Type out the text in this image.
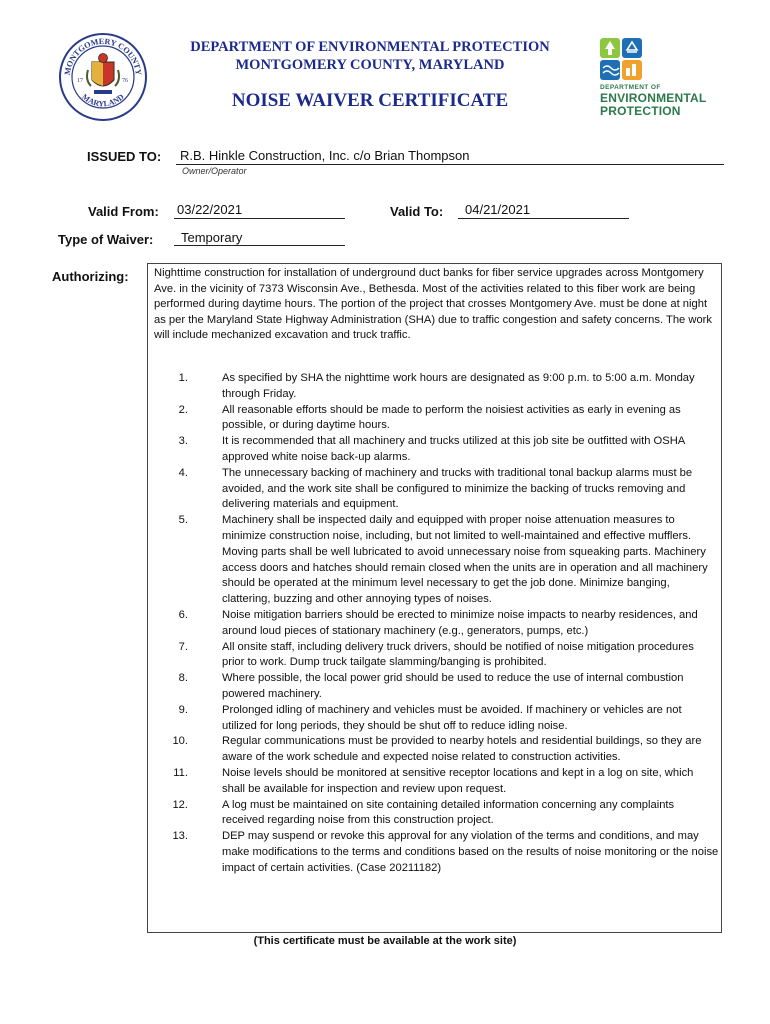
MONTGOMERY COUNTY
MARYLAND
17	76
DEPARTMENT OF ENVIRONMENTAL PROTECTION
MONTGOMERY COUNTY, MARYLAND
NOISE WAIVER CERTIFICATE
DEPARTMENT OF
ENVIRONMENTAL
PROTECTION
ISSUED TO: R.B. Hinkle Construction, Inc. c/o Brian Thompson
Owner/Operator
Valid From: 03/22/2021	Valid To: 04/21/2021
Type of Waiver: Temporary
Authorizing: Nighttime construction for installation of underground duct banks for fiber service upgrades across Montgomery Ave. in the vicinity of 7373 Wisconsin Ave., Bethesda. Most of the activities related to this fiber work are being performed during daytime hours. The portion of the project that crosses Montgomery Ave. must be done at night as per the Maryland State Highway Administration (SHA) due to traffic congestion and safety concerns. The work will include mechanized excavation and truck traffic.
1.	As specified by SHA the nighttime work hours are designated as 9:00 p.m. to 5:00 a.m. Monday through Friday.
2.	All reasonable efforts should be made to perform the noisiest activities as early in evening as possible, or during daytime hours.
3.	It is recommended that all machinery and trucks utilized at this job site be outfitted with OSHA approved white noise back-up alarms.
4.	The unnecessary backing of machinery and trucks with traditional tonal backup alarms must be avoided, and the work site shall be configured to minimize the backing of trucks removing and delivering materials and equipment.
5.	Machinery shall be inspected daily and equipped with proper noise attenuation measures to minimize construction noise, including, but not limited to well-maintained and effective mufflers. Moving parts shall be well lubricated to avoid unnecessary noise from squeaking parts. Machinery access doors and hatches should remain closed when the units are in operation and all machinery should be operated at the minimum level necessary to get the job done. Minimize banging, clattering, buzzing and other annoying types of noises.
6.	Noise mitigation barriers should be erected to minimize noise impacts to nearby residences, and around loud pieces of stationary machinery (e.g., generators, pumps, etc.)
7.	All onsite staff, including delivery truck drivers, should be notified of noise mitigation procedures prior to work. Dump truck tailgate slamming/banging is prohibited.
8.	Where possible, the local power grid should be used to reduce the use of internal combustion powered machinery.
9.	Prolonged idling of machinery and vehicles must be avoided. If machinery or vehicles are not utilized for long periods, they should be shut off to reduce idling noise.
10.	Regular communications must be provided to nearby hotels and residential buildings, so they are aware of the work schedule and expected noise related to construction activities.
11.	Noise levels should be monitored at sensitive receptor locations and kept in a log on site, which shall be available for inspection and review upon request.
12.	A log must be maintained on site containing detailed information concerning any complaints received regarding noise from this construction project.
13.	DEP may suspend or revoke this approval for any violation of the terms and conditions, and may make modifications to the terms and conditions based on the results of noise monitoring or the noise impact of certain activities. (Case 20211182)
(This certificate must be available at the work site)
